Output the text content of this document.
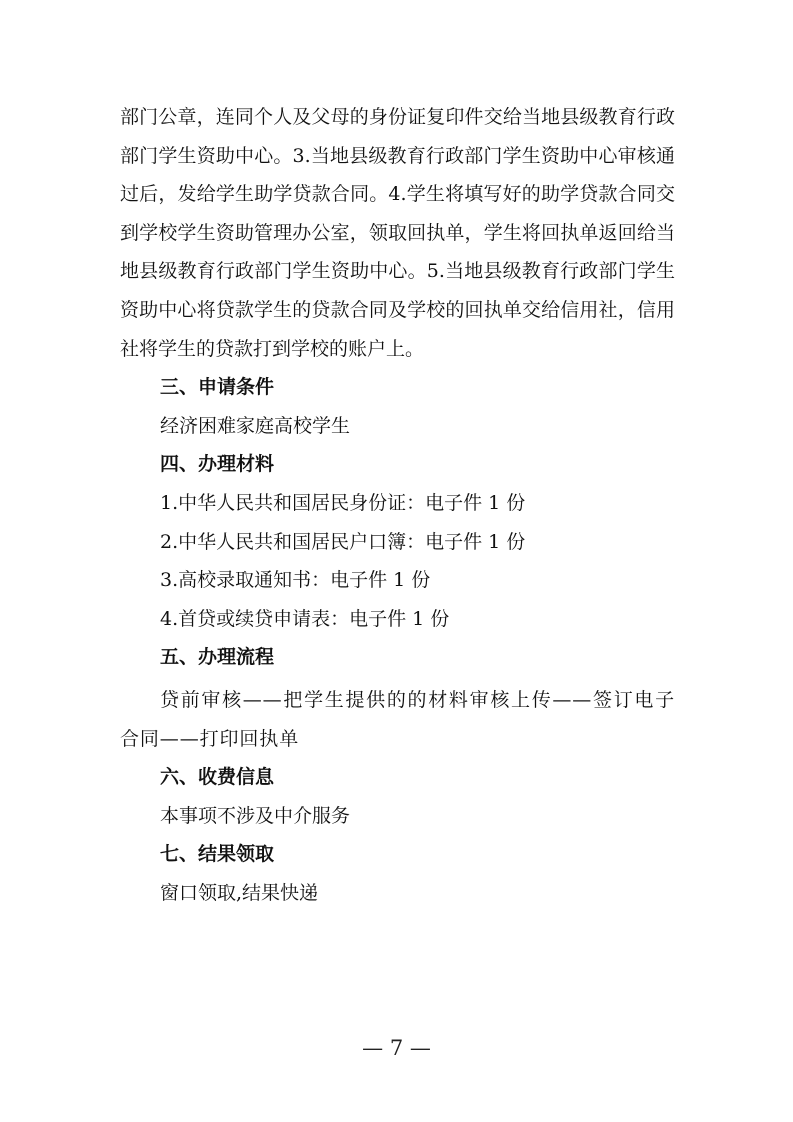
部门公章，连同个人及父母的身份证复印件交给当地县级教育行政部门学生资助中心。3.当地县级教育行政部门学生资助中心审核通过后，发给学生助学贷款合同。4.学生将填写好的助学贷款合同交到学校学生资助管理办公室，领取回执单，学生将回执单返回给当地县级教育行政部门学生资助中心。5.当地县级教育行政部门学生资助中心将贷款学生的贷款合同及学校的回执单交给信用社，信用社将学生的贷款打到学校的账户上。

三、申请条件

经济困难家庭高校学生

四、办理材料

1.中华人民共和国居民身份证：电子件 1 份

2.中华人民共和国居民户口簿：电子件 1 份

3.高校录取通知书：电子件 1 份

4.首贷或续贷申请表：电子件 1 份

五、办理流程

贷前审核——把学生提供的的材料审核上传——签订电子合同——打印回执单

六、收费信息

本事项不涉及中介服务

七、结果领取

窗口领取,结果快递

— 7 —
